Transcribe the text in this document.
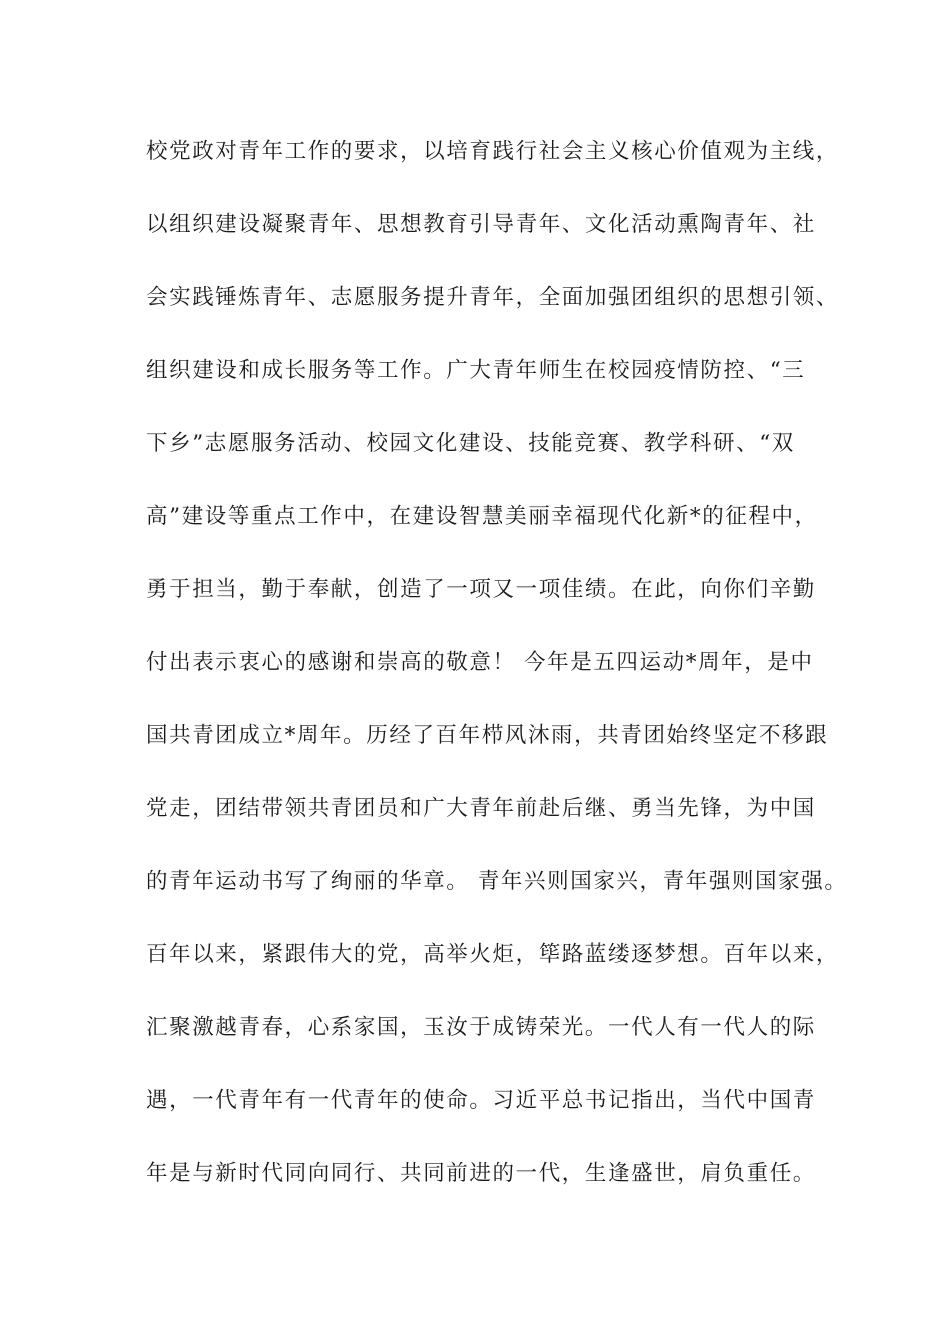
校党政对青年工作的要求，以培育践行社会主义核心价值观为主线，
以组织建设凝聚青年、思想教育引导青年、文化活动熏陶青年、社
会实践锤炼青年、志愿服务提升青年，全面加强团组织的思想引领、
组织建设和成长服务等工作。广大青年师生在校园疫情防控、“三
下乡”志愿服务活动、校园文化建设、技能竞赛、教学科研、“双
高”建设等重点工作中，在建设智慧美丽幸福现代化新*的征程中，
勇于担当，勤于奉献，创造了一项又一项佳绩。在此，向你们辛勤
付出表示衷心的感谢和崇高的敬意！ 今年是五四运动*周年，是中
国共青团成立*周年。历经了百年栉风沐雨，共青团始终坚定不移跟
党走，团结带领共青团员和广大青年前赴后继、勇当先锋，为中国
的青年运动书写了绚丽的华章。 青年兴则国家兴，青年强则国家强。
百年以来，紧跟伟大的党，高举火炬，筚路蓝缕逐梦想。百年以来，
汇聚激越青春，心系家国，玉汝于成铸荣光。一代人有一代人的际
遇，一代青年有一代青年的使命。习近平总书记指出，当代中国青
年是与新时代同向同行、共同前进的一代，生逢盛世，肩负重任。
